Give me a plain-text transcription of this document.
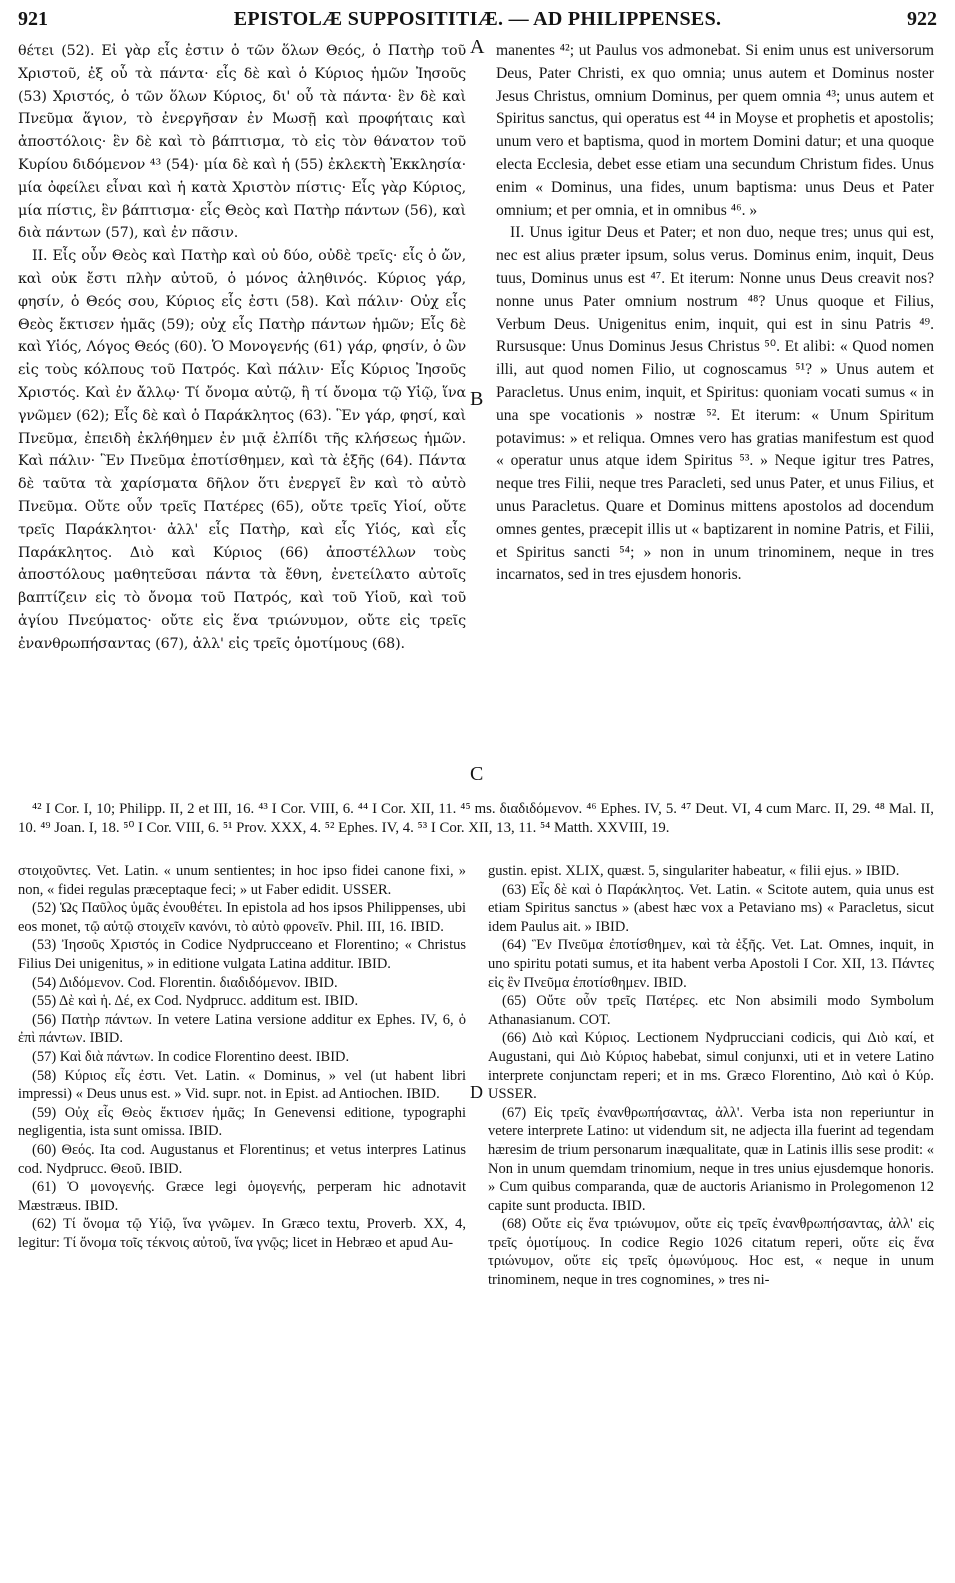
921	EPISTOLÆ SUPPOSITITIÆ. — AD PHILIPPENSES.	922

θέτει (52). Εἰ γὰρ εἷς ἐστιν ὁ τῶν ὅλων Θεός, ὁ Πατὴρ τοῦ Χριστοῦ, ἐξ οὗ τὰ πάντα· εἷς δὲ καὶ ὁ Κύριος ἡμῶν Ἰησοῦς (53) Χριστός, ὁ τῶν ὅλων Κύριος, δι' οὗ τὰ πάντα· ἓν δὲ καὶ Πνεῦμα ἅγιον, τὸ ἐνεργῆσαν ἐν Μωσῇ καὶ προφήταις καὶ ἀποστόλοις· ἓν δὲ καὶ τὸ βάπτισμα, τὸ εἰς τὸν θάνατον τοῦ Κυρίου διδόμενον ⁴³ (54)· μία δὲ καὶ ἡ (55) ἐκλεκτὴ Ἐκκλησία· μία ὀφείλει εἶναι καὶ ἡ κατὰ Χριστὸν πίστις· Εἷς γὰρ Κύριος, μία πίστις, ἓν βάπτισμα· εἷς Θεὸς καὶ Πατὴρ πάντων (56), καὶ διὰ πάντων (57), καὶ ἐν πᾶσιν.

II. Εἷς οὖν Θεὸς καὶ Πατὴρ καὶ οὐ δύο, οὐδὲ τρεῖς· εἷς ὁ ὤν, καὶ οὐκ ἔστι πλὴν αὐτοῦ, ὁ μόνος ἀληθινός. Κύριος γάρ, φησίν, ὁ Θεός σου, Κύριος εἷς ἐστι (58). Καὶ πάλιν· Οὐχ εἷς Θεὸς ἔκτισεν ἡμᾶς (59); οὐχ εἷς Πατὴρ πάντων ἡμῶν; Εἷς δὲ καὶ Υἱός, Λόγος Θεός (60). Ὁ Μονογενής (61) γάρ, φησίν, ὁ ὢν εἰς τοὺς κόλπους τοῦ Πατρός. Καὶ πάλιν· Εἷς Κύριος Ἰησοῦς Χριστός. Καὶ ἐν ἄλλῳ· Τί ὄνομα αὐτῷ, ἢ τί ὄνομα τῷ Υἱῷ, ἵνα γνῶμεν (62); Εἷς δὲ καὶ ὁ Παράκλητος (63). Ἓν γάρ, φησί, καὶ Πνεῦμα, ἐπειδὴ ἐκλήθημεν ἐν μιᾷ ἐλπίδι τῆς κλήσεως ἡμῶν. Καὶ πάλιν· Ἓν Πνεῦμα ἐποτίσθημεν, καὶ τὰ ἑξῆς (64). Πάντα δὲ ταῦτα τὰ χαρίσματα δῆλον ὅτι ἐνεργεῖ ἓν καὶ τὸ αὐτὸ Πνεῦμα. Οὔτε οὖν τρεῖς Πατέρες (65), οὔτε τρεῖς Υἱοί, οὔτε τρεῖς Παράκλητοι· ἀλλ' εἷς Πατὴρ, καὶ εἷς Υἱός, καὶ εἷς Παράκλητος. Διὸ καὶ Κύριος (66) ἀποστέλλων τοὺς ἀποστόλους μαθητεῦσαι πάντα τὰ ἔθνη, ἐνετείλατο αὐτοῖς βαπτίζειν εἰς τὸ ὄνομα τοῦ Πατρός, καὶ τοῦ Υἱοῦ, καὶ τοῦ ἁγίου Πνεύματος· οὔτε εἰς ἕνα τριώνυμον, οὔτε εἰς τρεῖς ἐνανθρωπήσαντας (67), ἀλλ' εἰς τρεῖς ὁμοτίμους (68).

A
B
C

manentes ⁴²; ut Paulus vos admonebat. Si enim unus est universorum Deus, Pater Christi, ex quo omnia; unus autem et Dominus noster Jesus Christus, omnium Dominus, per quem omnia ⁴³; unus autem et Spiritus sanctus, qui operatus est ⁴⁴ in Moyse et prophetis et apostolis; unum vero et baptisma, quod in mortem Domini datur; et una quoque electa Ecclesia, debet esse etiam una secundum Christum fides. Unus enim « Dominus, una fides, unum baptisma: unus Deus et Pater omnium; et per omnia, et in omnibus ⁴⁶. »

II. Unus igitur Deus et Pater; et non duo, neque tres; unus qui est, nec est alius præter ipsum, solus verus. Dominus enim, inquit, Deus tuus, Dominus unus est ⁴⁷. Et iterum: Nonne unus Deus creavit nos? nonne unus Pater omnium nostrum ⁴⁸? Unus quoque et Filius, Verbum Deus. Unigenitus enim, inquit, qui est in sinu Patris ⁴⁹. Rursusque: Unus Dominus Jesus Christus ⁵⁰. Et alibi: « Quod nomen illi, aut quod nomen Filio, ut cognoscamus ⁵¹? » Unus autem et Paracletus. Unus enim, inquit, et Spiritus: quoniam vocati sumus « in una spe vocationis » nostræ ⁵². Et iterum: « Unum Spiritum potavimus: » et reliqua. Omnes vero has gratias manifestum est quod « operatur unus atque idem Spiritus ⁵³. » Neque igitur tres Patres, neque tres Filii, neque tres Paracleti, sed unus Pater, et unus Filius, et unus Paracletus. Quare et Dominus mittens apostolos ad docendum omnes gentes, præcepit illis ut « baptizarent in nomine Patris, et Filii, et Spiritus sancti ⁵⁴; » non in unum trinominem, neque in tres incarnatos, sed in tres ejusdem honoris.

⁴² I Cor. I, 10; Philipp. II, 2 et III, 16. ⁴³ I Cor. VIII, 6. ⁴⁴ I Cor. XII, 11. ⁴⁵ ms. διαδιδόμενον. ⁴⁶ Ephes. IV, 5. ⁴⁷ Deut. VI, 4 cum Marc. II, 29. ⁴⁸ Mal. II, 10. ⁴⁹ Joan. I, 18. ⁵⁰ I Cor. VIII, 6. ⁵¹ Prov. XXX, 4. ⁵² Ephes. IV, 4. ⁵³ I Cor. XII, 13, 11. ⁵⁴ Matth. XXVIII, 19.

στοιχοῦντες. Vet. Latin. « unum sentientes; in hoc ipso fidei canone fixi, » non, « fidei regulas præceptaque feci; » ut Faber edidit. USSER.

(52) Ὡς Παῦλος ὑμᾶς ἐνουθέτει. In epistola ad hos ipsos Philippenses, ubi eos monet, τῷ αὐτῷ στοιχεῖν κανόνι, τὸ αὐτὸ φρονεῖν. Phil. III, 16. IBID.

(53) Ἰησοῦς Χριστός in Codice Nydprucceano et Florentino; « Christus Filius Dei unigenitus, » in editione vulgata Latina additur. IBID.

(54) Διδόμενον. Cod. Florentin. διαδιδόμενον. IBID.

(55) Δὲ καὶ ἡ. Δέ, ex Cod. Nydprucc. additum est. IBID.

(56) Πατὴρ πάντων. In vetere Latina versione additur ex Ephes. IV, 6, ὁ ἐπὶ πάντων. IBID.

(57) Καὶ διὰ πάντων. In codice Florentino deest. IBID.

(58) Κύριος εἷς ἐστι. Vet. Latin. « Dominus, » vel (ut habent libri impressi) « Deus unus est. » Vid. supr. not. in Epist. ad Antiochen. IBID.

(59) Οὐχ εἷς Θεὸς ἔκτισεν ἡμᾶς; In Genevensi editione, typographi negligentia, ista sunt omissa. IBID.

(60) Θεός. Ita cod. Augustanus et Florentinus; et vetus interpres Latinus cod. Nydprucc. Θεοῦ. IBID.

(61) Ὁ μονογενής. Græce legi ὁμογενής, perperam hic adnotavit Mæstræus. IBID.

(62) Τί ὄνομα τῷ Υἱῷ, ἵνα γνῶμεν. In Græco textu, Proverb. XX, 4, legitur: Τί ὄνομα τοῖς τέκνοις αὐτοῦ, ἵνα γνῷς; licet in Hebræo et apud Au-

D

gustin. epist. XLIX, quæst. 5, singulariter habeatur, « filii ejus. » IBID.

(63) Εἷς δὲ καὶ ὁ Παράκλητος. Vet. Latin. « Scitote autem, quia unus est etiam Spiritus sanctus » (abest hæc vox a Petaviano ms) « Paracletus, sicut idem Paulus ait. » IBID.

(64) Ἓν Πνεῦμα ἐποτίσθημεν, καὶ τὰ ἑξῆς. Vet. Lat. Omnes, inquit, in uno spiritu potati sumus, et ita habent verba Apostoli I Cor. XII, 13. Πάντες εἰς ἓν Πνεῦμα ἐποτίσθημεν. IBID.

(65) Οὔτε οὖν τρεῖς Πατέρες. etc Non absimili modo Symbolum Athanasianum. COT.

(66) Διὸ καὶ Κύριος. Lectionem Nydprucciani codicis, qui Διὸ καί, et Augustani, qui Διὸ Κύριος habebat, simul conjunxi, uti et in vetere Latino interprete conjunctam reperi; et in ms. Græco Florentino, Διὸ καὶ ὁ Κύρ. USSER.

(67) Εἰς τρεῖς ἐνανθρωπήσαντας, ἀλλ'. Verba ista non reperiuntur in vetere interprete Latino: ut videndum sit, ne adjecta illa fuerint ad tegendam hæresim de trium personarum inæqualitate, quæ in Latinis illis sese prodit: « Non in unum quemdam trinomium, neque in tres unius ejusdemque honoris. » Cum quibus comparanda, quæ de auctoris Arianismo in Prolegomenon 12 capite sunt producta. IBID.

(68) Οὔτε εἰς ἕνα τριώνυμον, οὔτε εἰς τρεῖς ἐνανθρωπήσαντας, ἀλλ' εἰς τρεῖς ὁμοτίμους. In codice Regio 1026 citatum reperi, οὔτε εἰς ἕνα τριώνυμον, οὔτε εἰς τρεῖς ὁμωνύμους. Hoc est, « neque in unum trinominem, neque in tres cognomines, » tres ni-
